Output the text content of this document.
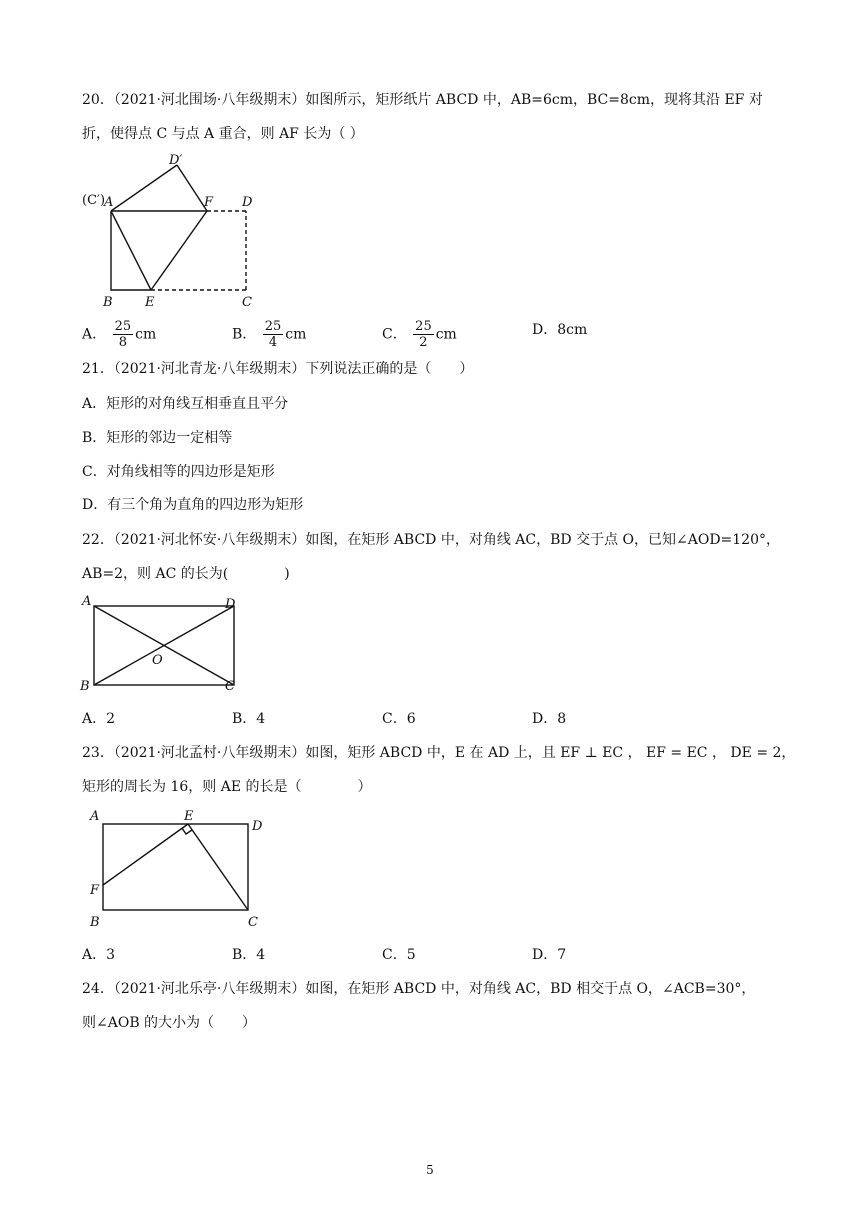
20．（2021·河北围场·八年级期末）如图所示，矩形纸片 ABCD 中，AB=6cm，BC=8cm，现将其沿 EF 对
折，使得点 C 与点 A 重合，则 AF 长为（ ）
D′
(C′)
A	F D
B E	C
A． $\frac{25}{8}$ cm	B． $\frac{25}{4}$ cm	C． $\frac{25}{2}$ cm	D．8cm
21．（2021·河北青龙·八年级期末）下列说法正确的是（　　）
A．矩形的对角线互相垂直且平分
B．矩形的邻边一定相等
C．对角线相等的四边形是矩形
D．有三个角为直角的四边形为矩形
22．（2021·河北怀安·八年级期末）如图，在矩形 ABCD 中，对角线 AC，BD 交于点 O，已知∠AOD=120°，
AB=2，则 AC 的长为(　　　　)
A	D
O
B	C
A．2	B．4	C．6	D．8
23．（2021·河北孟村·八年级期末）如图，矩形 ABCD 中，E 在 AD 上，且 EF ⊥ EC ， EF = EC ， DE = 2，
矩形的周长为 16，则 AE 的长是（　　　　）
A	E
D
F
B	C
A．3	B．4	C．5	D．7
24．（2021·河北乐亭·八年级期末）如图，在矩形 ABCD 中，对角线 AC，BD 相交于点 O，∠ACB=30°，
则∠AOB 的大小为（　　）
5
